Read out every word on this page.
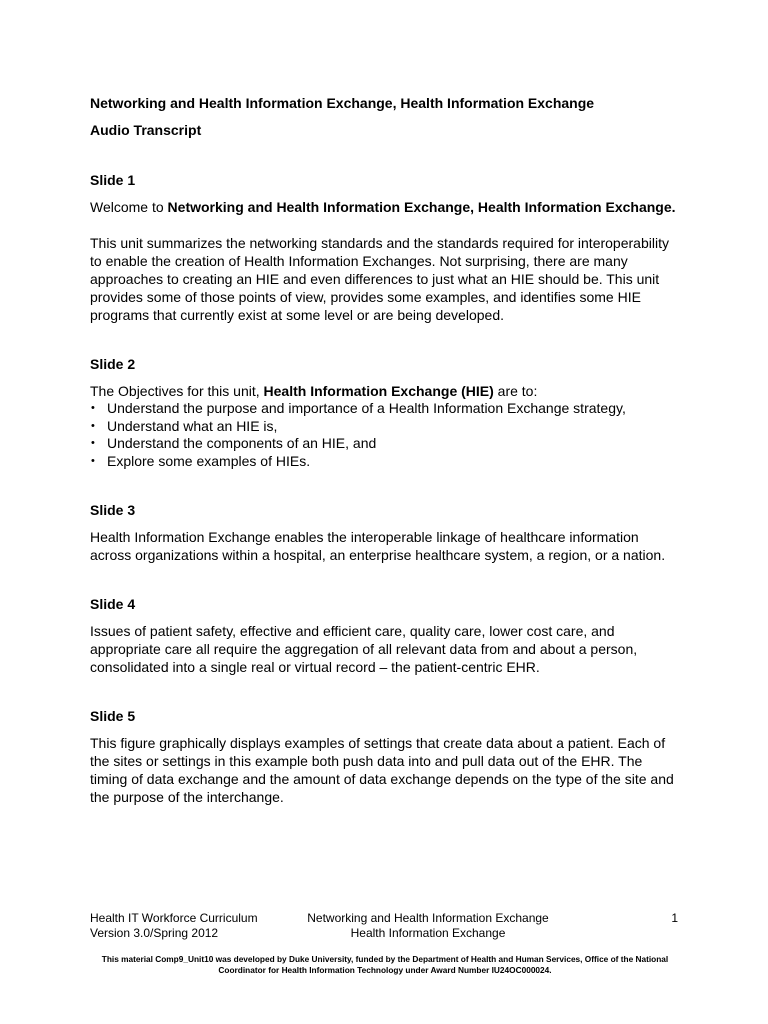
Networking and Health Information Exchange, Health Information Exchange
Audio Transcript
Slide 1

Welcome to Networking and Health Information Exchange, Health Information Exchange.

This unit summarizes the networking standards and the standards required for interoperability to enable the creation of Health Information Exchanges. Not surprising, there are many approaches to creating an HIE and even differences to just what an HIE should be. This unit provides some of those points of view, provides some examples, and identifies some HIE programs that currently exist at some level or are being developed.

Slide 2

The Objectives for this unit, Health Information Exchange (HIE) are to:

• Understand the purpose and importance of a Health Information Exchange strategy,
• Understand what an HIE is,
• Understand the components of an HIE, and
• Explore some examples of HIEs.
Slide 3

Health Information Exchange enables the interoperable linkage of healthcare information across organizations within a hospital, an enterprise healthcare system, a region, or a nation.

Slide 4

Issues of patient safety, effective and efficient care, quality care, lower cost care, and appropriate care all require the aggregation of all relevant data from and about a person, consolidated into a single real or virtual record – the patient-centric EHR.

Slide 5

This figure graphically displays examples of settings that create data about a patient. Each of the sites or settings in this example both push data into and pull data out of the EHR. The timing of data exchange and the amount of data exchange depends on the type of the site and the purpose of the interchange.

Health IT Workforce Curriculum
Version 3.0/Spring 2012
Networking and Health Information Exchange
Health Information Exchange
1
This material Comp9_Unit10 was developed by Duke University, funded by the Department of Health and Human Services, Office of the National Coordinator for Health Information Technology under Award Number IU24OC000024.
